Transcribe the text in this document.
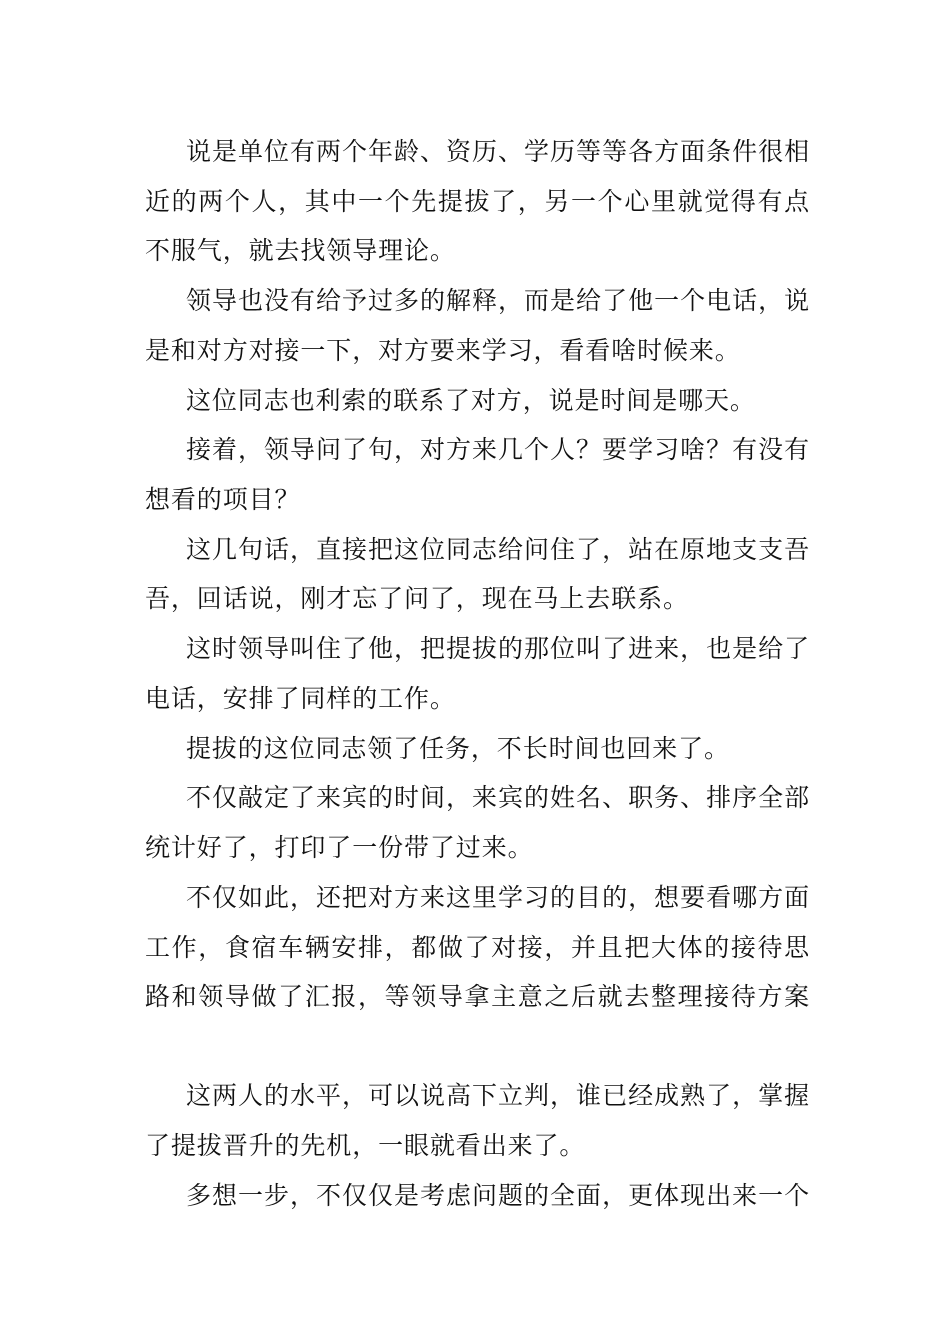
说是单位有两个年龄、资历、学历等等各方面条件很相
近的两个人，其中一个先提拔了，另一个心里就觉得有点
不服气，就去找领导理论。
领导也没有给予过多的解释，而是给了他一个电话，说
是和对方对接一下，对方要来学习，看看啥时候来。
这位同志也利索的联系了对方，说是时间是哪天。
接着，领导问了句，对方来几个人？要学习啥？有没有
想看的项目？
这几句话，直接把这位同志给问住了，站在原地支支吾
吾，回话说，刚才忘了问了，现在马上去联系。
这时领导叫住了他，把提拔的那位叫了进来，也是给了
电话，安排了同样的工作。
提拔的这位同志领了任务，不长时间也回来了。
不仅敲定了来宾的时间，来宾的姓名、职务、排序全部
统计好了，打印了一份带了过来。
不仅如此，还把对方来这里学习的目的，想要看哪方面
工作，食宿车辆安排，都做了对接，并且把大体的接待思
路和领导做了汇报，等领导拿主意之后就去整理接待方案
这两人的水平，可以说高下立判，谁已经成熟了，掌握
了提拔晋升的先机，一眼就看出来了。
多想一步，不仅仅是考虑问题的全面，更体现出来一个
